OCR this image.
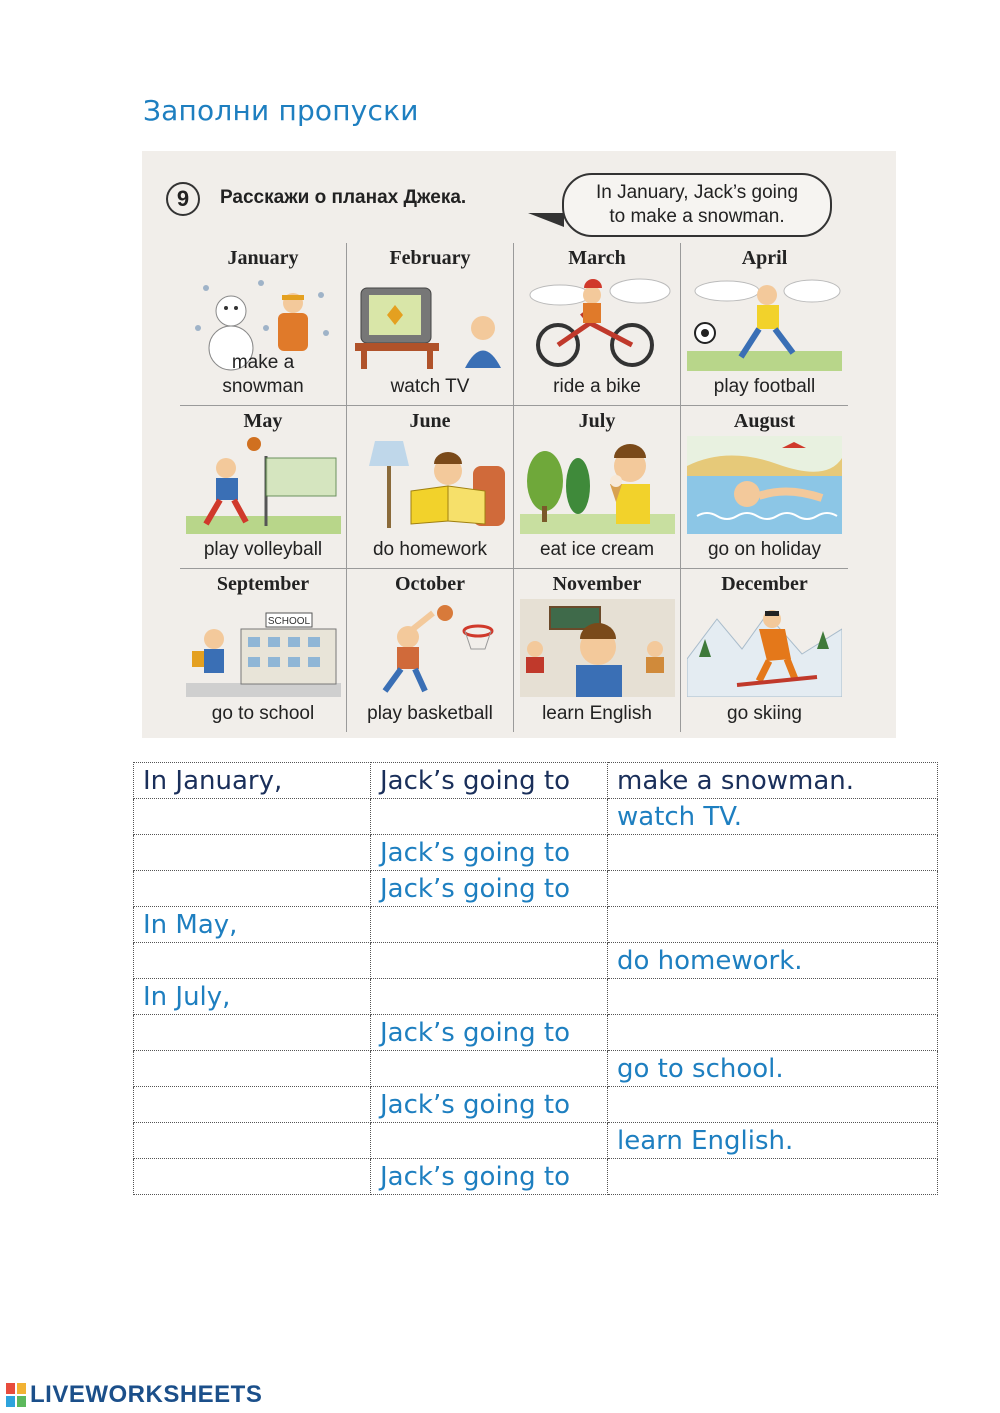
Заполни пропуски
9	Расскажи о планах Джека.	In January, Jack’s going
to make a snowman.
January
make a
snowman
February
watch TV
March
ride a bike
April
play football
May
play volleyball
June
do homework
July
eat ice cream
August
go on holiday
September
SCHOOL
go to school
October
play basketball
November
learn English
December
go skiing
In January,	Jack’s going to	make a snowman.
		watch TV.
	Jack’s going to	
	Jack’s going to	
In May,		
		do homework.
In July,		
	Jack’s going to	
		go to school.
	Jack’s going to	
		learn English.
	Jack’s going to	
LIVEWORKSHEETS
